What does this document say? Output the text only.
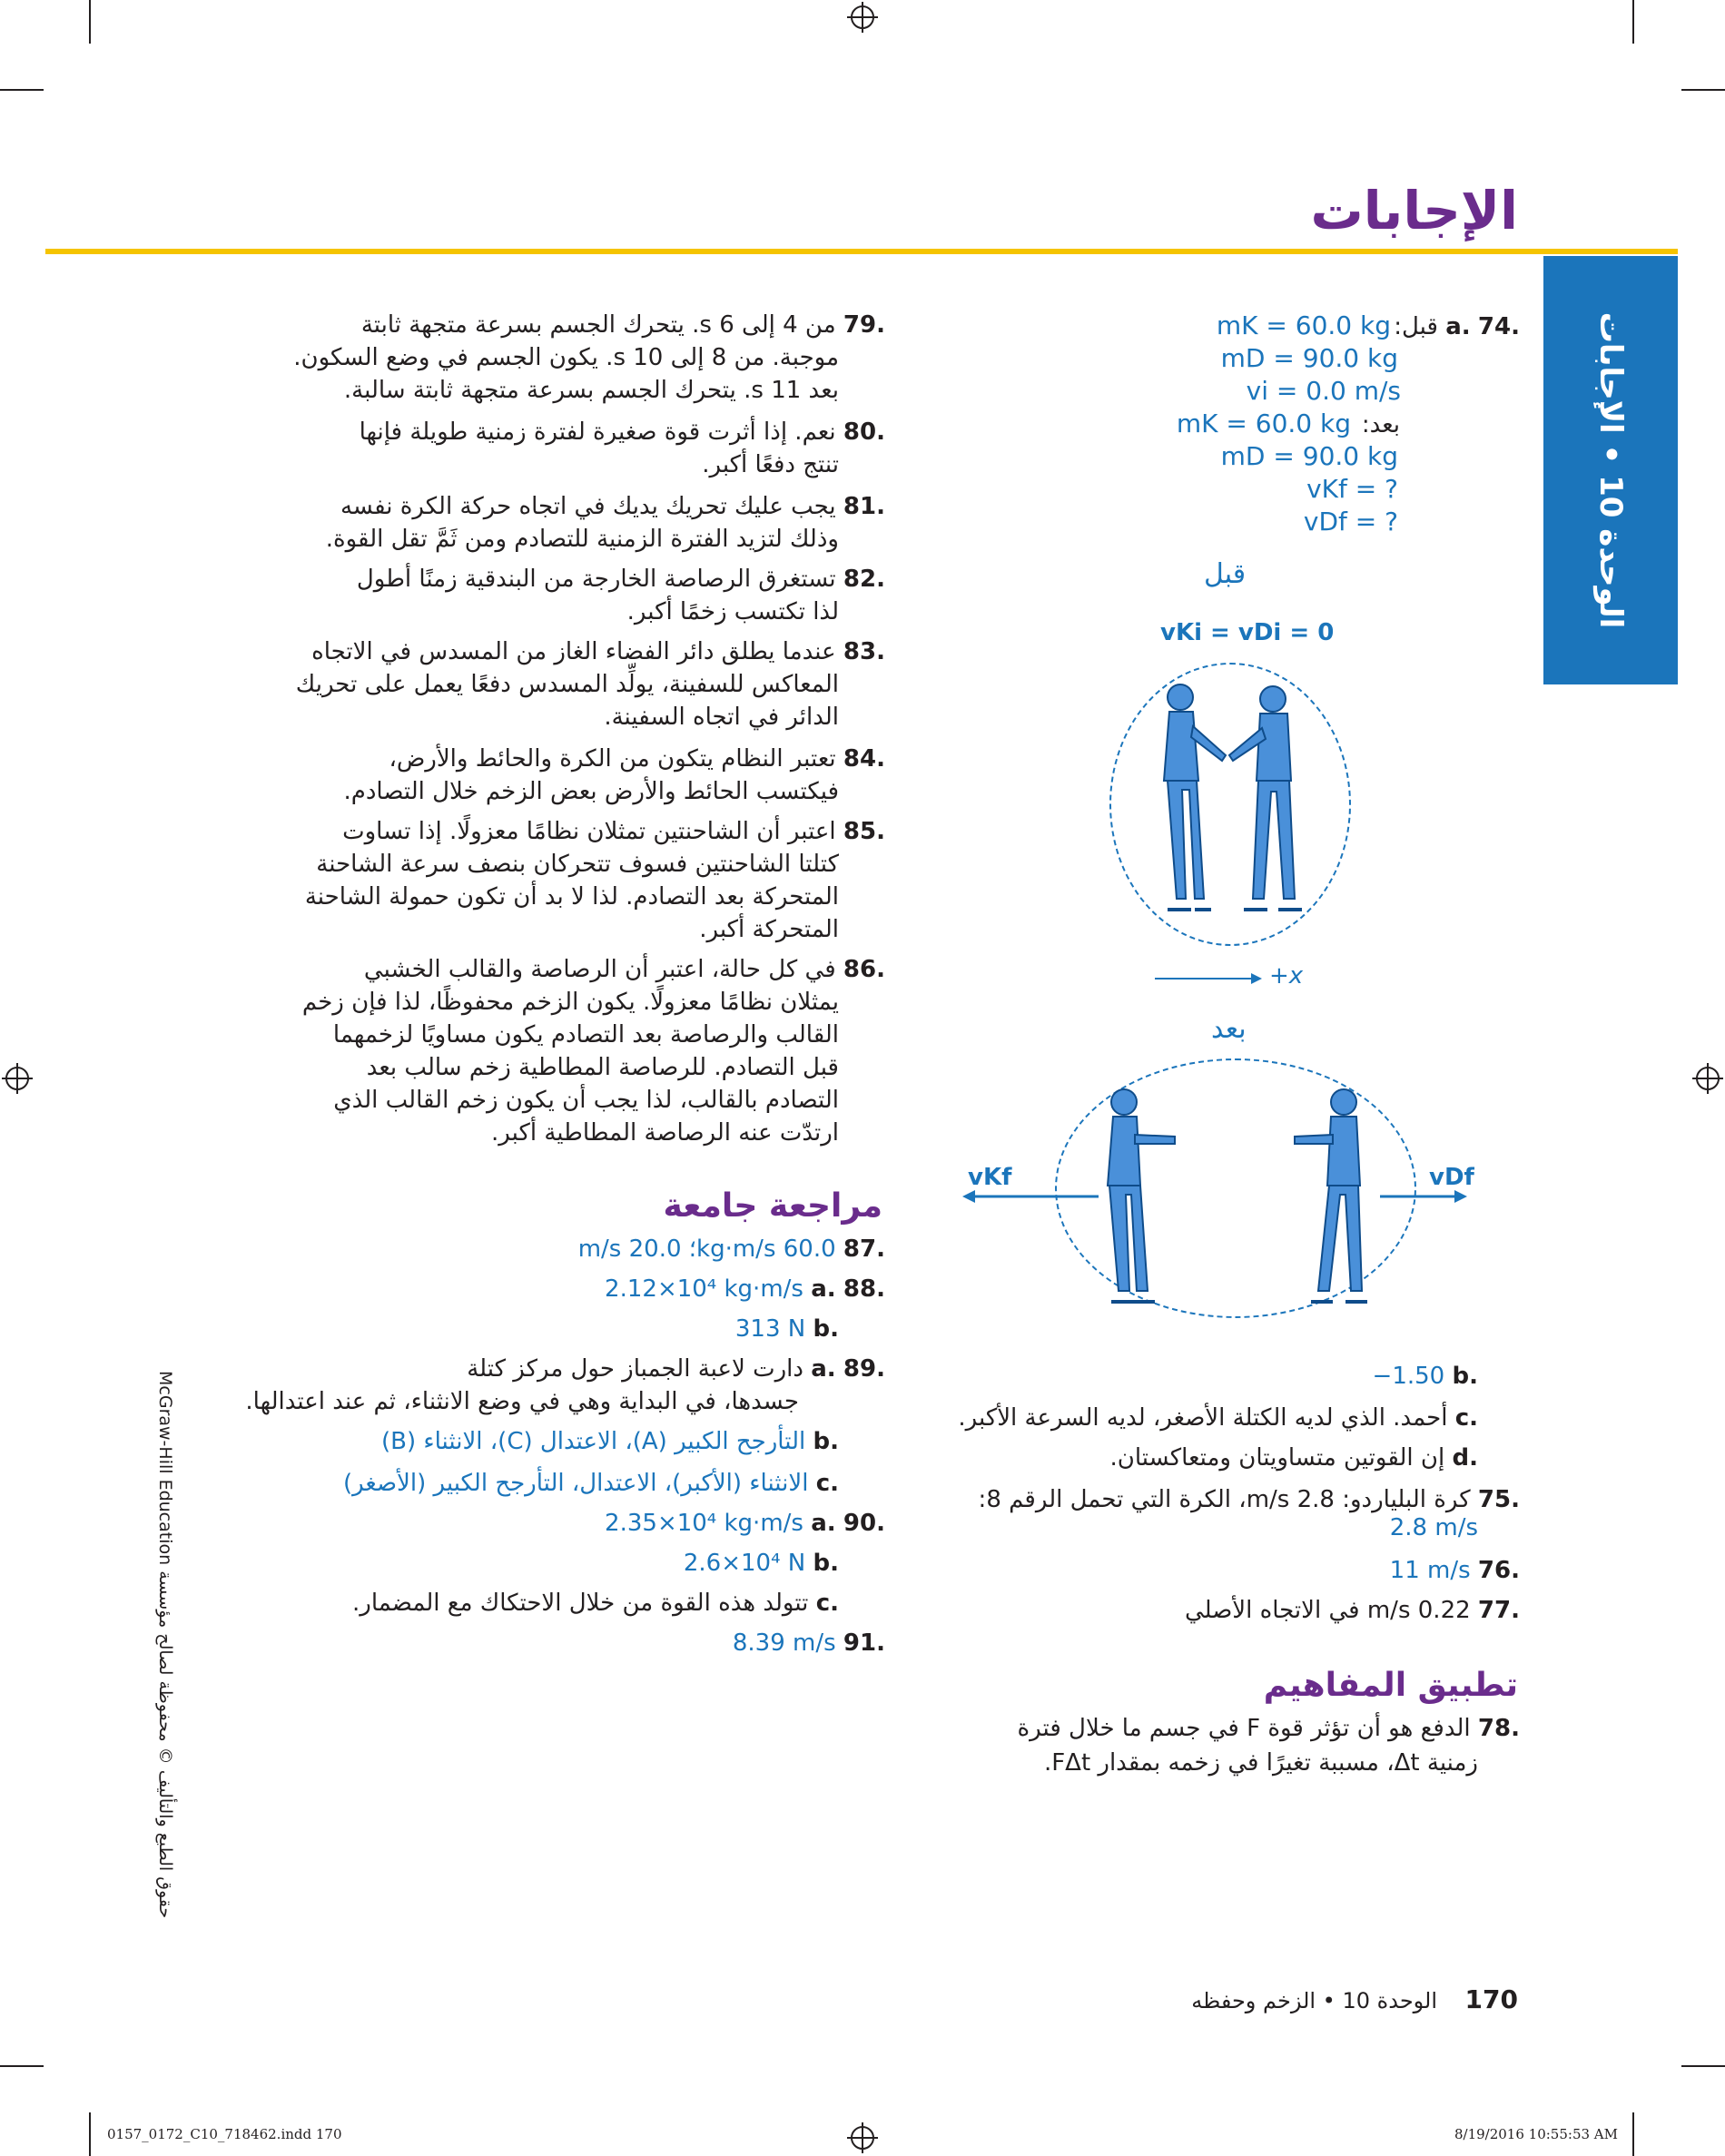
الإجابات
الوحدة 10 • الإجابات
حقوق الطبع والتأليف © محفوظة لصالح مؤسسة McGraw-Hill Education
.74 .a قبل:
mK = 60.0 kg
mD = 90.0 kg
vi = 0.0 m/s
بعد:
mK = 60.0 kg
mD = 90.0 kg
vKf = ?
vDf = ?
قبل
vKi = vDi = 0
+x
بعد
vKf	vDf
.b −1.50
.c أحمد. الذي لديه الكتلة الأصغر، لديه السرعة الأكبر.
.d إن القوتين متساويتان ومتعاكستان.
.75 كرة البلياردو: 2.8 m/s، الكرة التي تحمل الرقم 8:
2.8 m/s
.76 11 m/s
.77 0.22 m/s في الاتجاه الأصلي
تطبيق المفاهيم
.78 الدفع هو أن تؤثر قوة F في جسم ما خلال فترة
زمنية Δt، مسببة تغيرًا في زخمه بمقدار FΔt.
.79 من 4 إلى 6 s. يتحرك الجسم بسرعة متجهة ثابتة
موجبة. من 8 إلى 10 s. يكون الجسم في وضع السكون.
بعد 11 s. يتحرك الجسم بسرعة متجهة ثابتة سالبة.
.80 نعم. إذا أثرت قوة صغيرة لفترة زمنية طويلة فإنها
تنتج دفعًا أكبر.
.81 يجب عليك تحريك يديك في اتجاه حركة الكرة نفسه
وذلك لتزيد الفترة الزمنية للتصادم ومن ثَمَّ تقل القوة.
.82 تستغرق الرصاصة الخارجة من البندقية زمنًا أطول
لذا تكتسب زخمًا أكبر.
.83 عندما يطلق دائر الفضاء الغاز من المسدس في الاتجاه
المعاكس للسفينة، يولِّد المسدس دفعًا يعمل على تحريك
الدائر في اتجاه السفينة.
.84 تعتبر النظام يتكون من الكرة والحائط والأرض،
فيكتسب الحائط والأرض بعض الزخم خلال التصادم.
.85 اعتبر أن الشاحنتين تمثلان نظامًا معزولًا. إذا تساوت
كتلتا الشاحنتين فسوف تتحركان بنصف سرعة الشاحنة
المتحركة بعد التصادم. لذا لا بد أن تكون حمولة الشاحنة
المتحركة أكبر.
.86 في كل حالة، اعتبر أن الرصاصة والقالب الخشبي
يمثلان نظامًا معزولًا. يكون الزخم محفوظًا، لذا فإن زخم
القالب والرصاصة بعد التصادم يكون مساويًا لزخمهما
قبل التصادم. للرصاصة المطاطية زخم سالب بعد
التصادم بالقالب، لذا يجب أن يكون زخم القالب الذي
ارتدّت عنه الرصاصة المطاطية أكبر.
مراجعة جامعة
.87 60.0 kg·m/s؛ 20.0 m/s
.88 .a 2.12×10⁴ kg·m/s
.b 313 N
.89 .a دارت لاعبة الجمباز حول مركز كتلة
جسدها، في البداية وهي في وضع الانثناء، ثم عند اعتدالها.
.b التأرجح الكبير (A)، الاعتدال (C)، الانثناء (B)
.c الانثناء (الأكبر)، الاعتدال، التأرجح الكبير (الأصغر)
.90 .a 2.35×10⁴ kg·m/s
.b 2.6×10⁴ N
.c تتولد هذه القوة من خلال الاحتكاك مع المضمار.
.91 8.39 m/s
170    الوحدة 10 • الزخم وحفظه
0157_0172_C10_718462.indd 170	8/19/2016 10:55:53 AM
